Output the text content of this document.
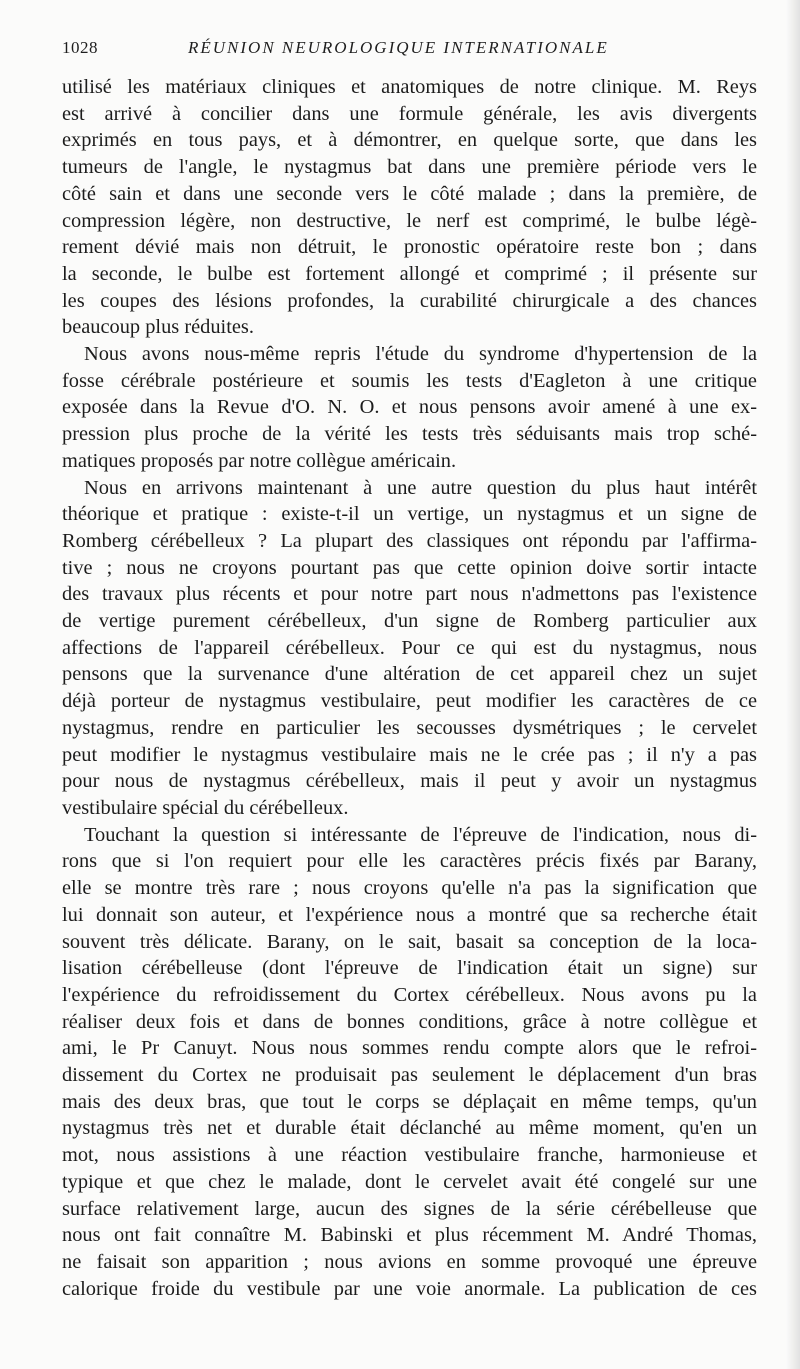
1028	RÉUNION NEUROLOGIQUE INTERNATIONALE
utilisé les matériaux cliniques et anatomiques de notre clinique. M. Reys
est arrivé à concilier dans une formule générale, les avis divergents
exprimés en tous pays, et à démontrer, en quelque sorte, que dans les
tumeurs de l'angle, le nystagmus bat dans une première période vers le
côté sain et dans une seconde vers le côté malade ; dans la première, de
compression légère, non destructive, le nerf est comprimé, le bulbe légè-
rement dévié mais non détruit, le pronostic opératoire reste bon ; dans
la seconde, le bulbe est fortement allongé et comprimé ; il présente sur
les coupes des lésions profondes, la curabilité chirurgicale a des chances
beaucoup plus réduites.
Nous avons nous-même repris l'étude du syndrome d'hypertension de la
fosse cérébrale postérieure et soumis les tests d'Eagleton à une critique
exposée dans la Revue d'O. N. O. et nous pensons avoir amené à une ex-
pression plus proche de la vérité les tests très séduisants mais trop sché-
matiques proposés par notre collègue américain.
Nous en arrivons maintenant à une autre question du plus haut intérêt
théorique et pratique : existe-t-il un vertige, un nystagmus et un signe de
Romberg cérébelleux ? La plupart des classiques ont répondu par l'affirma-
tive ; nous ne croyons pourtant pas que cette opinion doive sortir intacte
des travaux plus récents et pour notre part nous n'admettons pas l'existence
de vertige purement cérébelleux, d'un signe de Romberg particulier aux
affections de l'appareil cérébelleux. Pour ce qui est du nystagmus, nous
pensons que la survenance d'une altération de cet appareil chez un sujet
déjà porteur de nystagmus vestibulaire, peut modifier les caractères de ce
nystagmus, rendre en particulier les secousses dysmétriques ; le cervelet
peut modifier le nystagmus vestibulaire mais ne le crée pas ; il n'y a pas
pour nous de nystagmus cérébelleux, mais il peut y avoir un nystagmus
vestibulaire spécial du cérébelleux.
Touchant la question si intéressante de l'épreuve de l'indication, nous di-
rons que si l'on requiert pour elle les caractères précis fixés par Barany,
elle se montre très rare ; nous croyons qu'elle n'a pas la signification que
lui donnait son auteur, et l'expérience nous a montré que sa recherche était
souvent très délicate. Barany, on le sait, basait sa conception de la loca-
lisation cérébelleuse (dont l'épreuve de l'indication était un signe) sur
l'expérience du refroidissement du Cortex cérébelleux. Nous avons pu la
réaliser deux fois et dans de bonnes conditions, grâce à notre collègue et
ami, le Pr Canuyt. Nous nous sommes rendu compte alors que le refroi-
dissement du Cortex ne produisait pas seulement le déplacement d'un bras
mais des deux bras, que tout le corps se déplaçait en même temps, qu'un
nystagmus très net et durable était déclanché au même moment, qu'en un
mot, nous assistions à une réaction vestibulaire franche, harmonieuse et
typique et que chez le malade, dont le cervelet avait été congelé sur une
surface relativement large, aucun des signes de la série cérébelleuse que
nous ont fait connaître M. Babinski et plus récemment M. André Thomas,
ne faisait son apparition ; nous avions en somme provoqué une épreuve
calorique froide du vestibule par une voie anormale. La publication de ces
